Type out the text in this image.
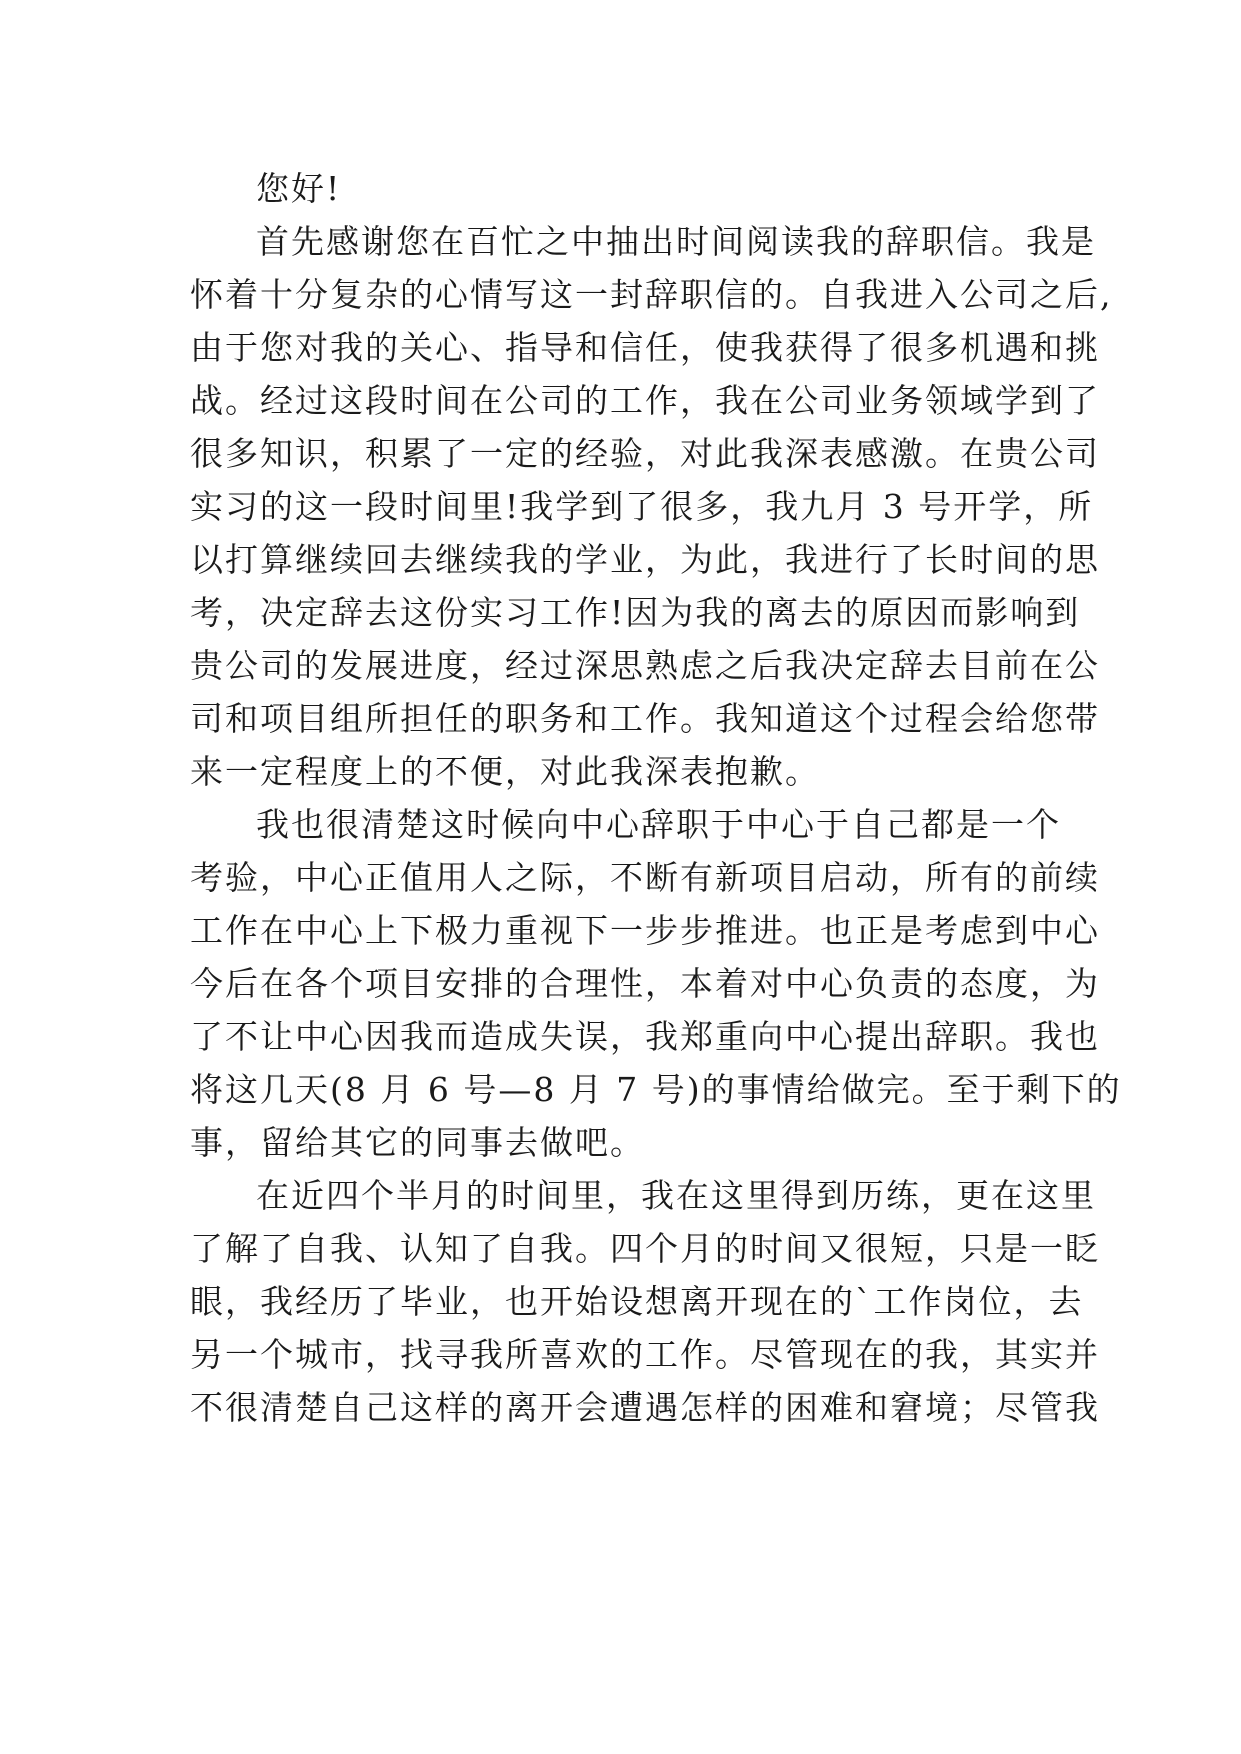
您好!
首先感谢您在百忙之中抽出时间阅读我的辞职信。我是
怀着十分复杂的心情写这一封辞职信的。自我进入公司之后,
由于您对我的关心、指导和信任，使我获得了很多机遇和挑
战。经过这段时间在公司的工作，我在公司业务领域学到了
很多知识，积累了一定的经验，对此我深表感激。在贵公司
实习的这一段时间里!我学到了很多，我九月 3 号开学，所
以打算继续回去继续我的学业，为此，我进行了长时间的思
考，决定辞去这份实习工作!因为我的离去的原因而影响到
贵公司的发展进度，经过深思熟虑之后我决定辞去目前在公
司和项目组所担任的职务和工作。我知道这个过程会给您带
来一定程度上的不便，对此我深表抱歉。
我也很清楚这时候向中心辞职于中心于自己都是一个
考验，中心正值用人之际，不断有新项目启动，所有的前续
工作在中心上下极力重视下一步步推进。也正是考虑到中心
今后在各个项目安排的合理性，本着对中心负责的态度，为
了不让中心因我而造成失误，我郑重向中心提出辞职。我也
将这几天(8 月 6 号—8 月 7 号)的事情给做完。至于剩下的
事，留给其它的同事去做吧。
在近四个半月的时间里，我在这里得到历练，更在这里
了解了自我、认知了自我。四个月的时间又很短，只是一眨
眼，我经历了毕业，也开始设想离开现在的`工作岗位，去
另一个城市，找寻我所喜欢的工作。尽管现在的我，其实并
不很清楚自己这样的离开会遭遇怎样的困难和窘境；尽管我
